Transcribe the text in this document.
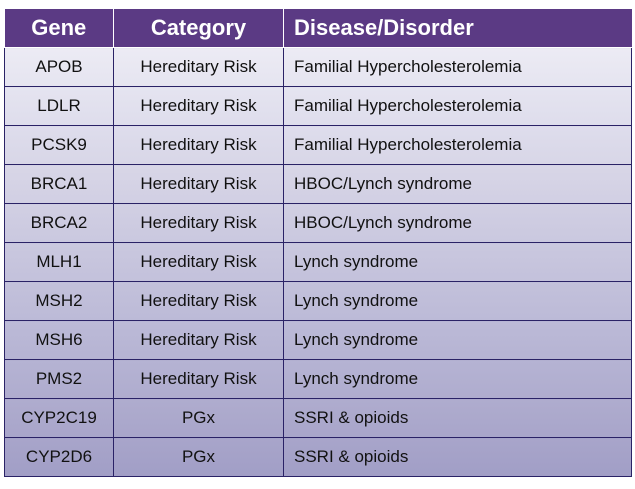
Gene	Category	Disease/Disorder
APOB	Hereditary Risk	Familial Hypercholesterolemia
LDLR	Hereditary Risk	Familial Hypercholesterolemia
PCSK9	Hereditary Risk	Familial Hypercholesterolemia
BRCA1	Hereditary Risk	HBOC/Lynch syndrome
BRCA2	Hereditary Risk	HBOC/Lynch syndrome
MLH1	Hereditary Risk	Lynch syndrome
MSH2	Hereditary Risk	Lynch syndrome
MSH6	Hereditary Risk	Lynch syndrome
PMS2	Hereditary Risk	Lynch syndrome
CYP2C19	PGx	SSRI & opioids
CYP2D6	PGx	SSRI & opioids
